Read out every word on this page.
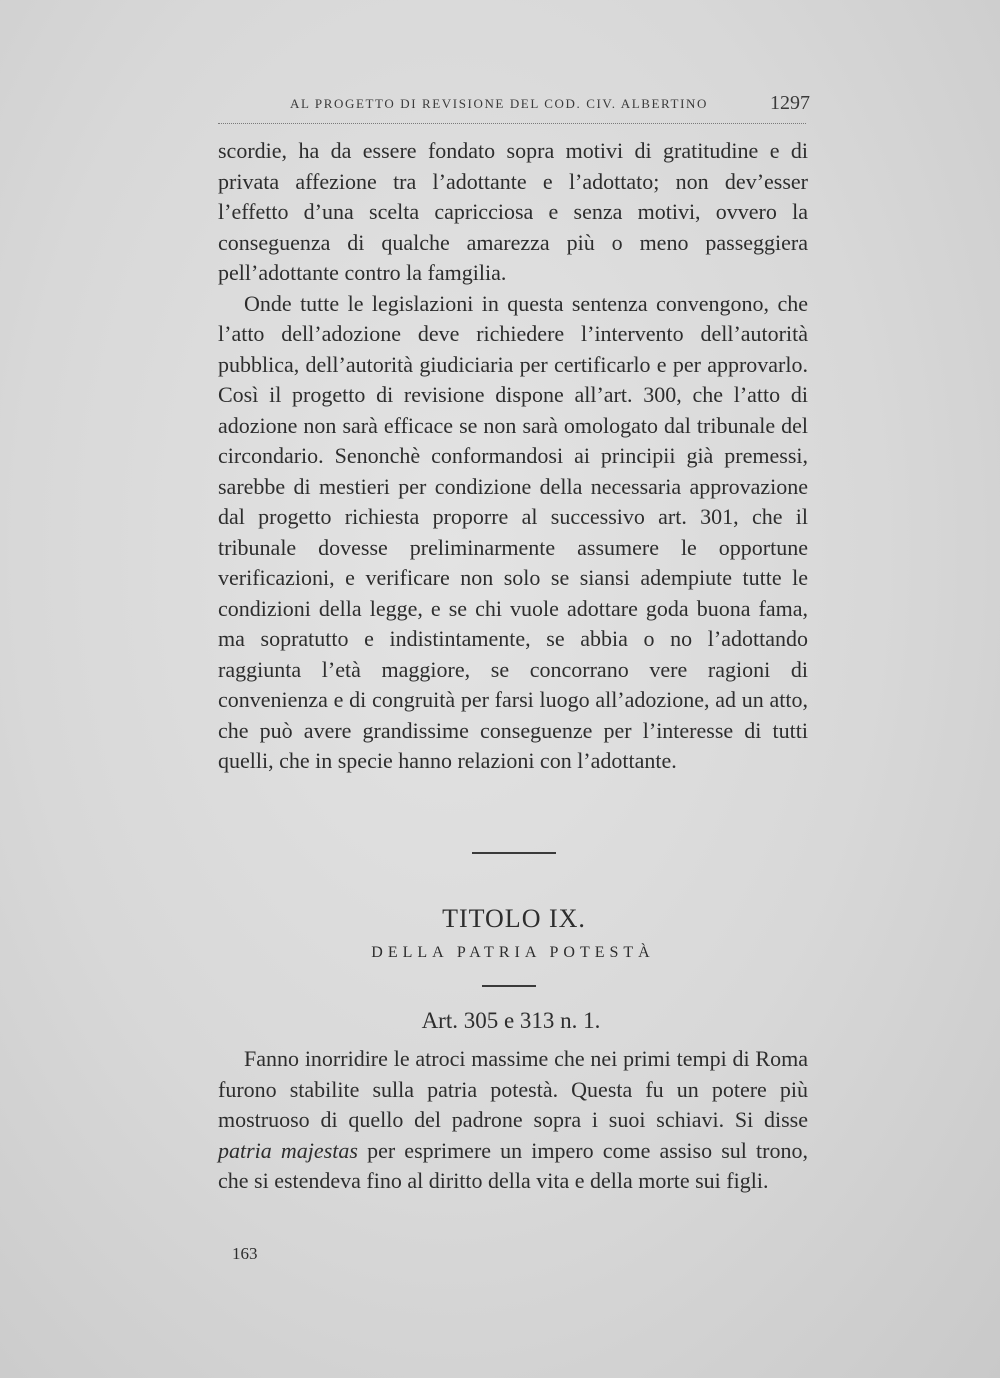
AL PROGETTO DI REVISIONE DEL COD. CIV. ALBERTINO	1297

scordie, ha da essere fondato sopra motivi di gratitudine e di privata affezione tra l’adottante e l’adottato; non dev’esser l’effetto d’una scelta capricciosa e senza motivi, ovvero la conseguenza di qualche amarezza più o meno passeggiera pell’adottante contro la famgilia.

Onde tutte le legislazioni in questa sentenza convengono, che l’atto dell’adozione deve richiedere l’intervento dell’autorità pubblica, dell’autorità giudiciaria per certificarlo e per approvarlo. Così il progetto di revisione dispone all’art. 300, che l’atto di adozione non sarà efficace se non sarà omologato dal tribunale del circondario. Senonchè conformandosi ai principii già premessi, sarebbe di mestieri per condizione della necessaria approvazione dal progetto richiesta proporre al successivo art. 301, che il tribunale dovesse preliminarmente assumere le opportune verificazioni, e verificare non solo se siansi adempiute tutte le condizioni della legge, e se chi vuole adottare goda buona fama, ma sopratutto e indistintamente, se abbia o no l’adottando raggiunta l’età maggiore, se concorrano vere ragioni di convenienza e di congruità per farsi luogo all’adozione, ad un atto, che può avere grandissime conseguenze per l’interesse di tutti quelli, che in specie hanno relazioni con l’adottante.

TITOLO IX.
DELLA PATRIA POTESTÀ
Art. 305 e 313 n. 1.

Fanno inorridire le atroci massime che nei primi tempi di Roma furono stabilite sulla patria potestà. Questa fu un potere più mostruoso di quello del padrone sopra i suoi schiavi. Si disse patria majestas per esprimere un impero come assiso sul trono, che si estendeva fino al diritto della vita e della morte sui figli.

163
